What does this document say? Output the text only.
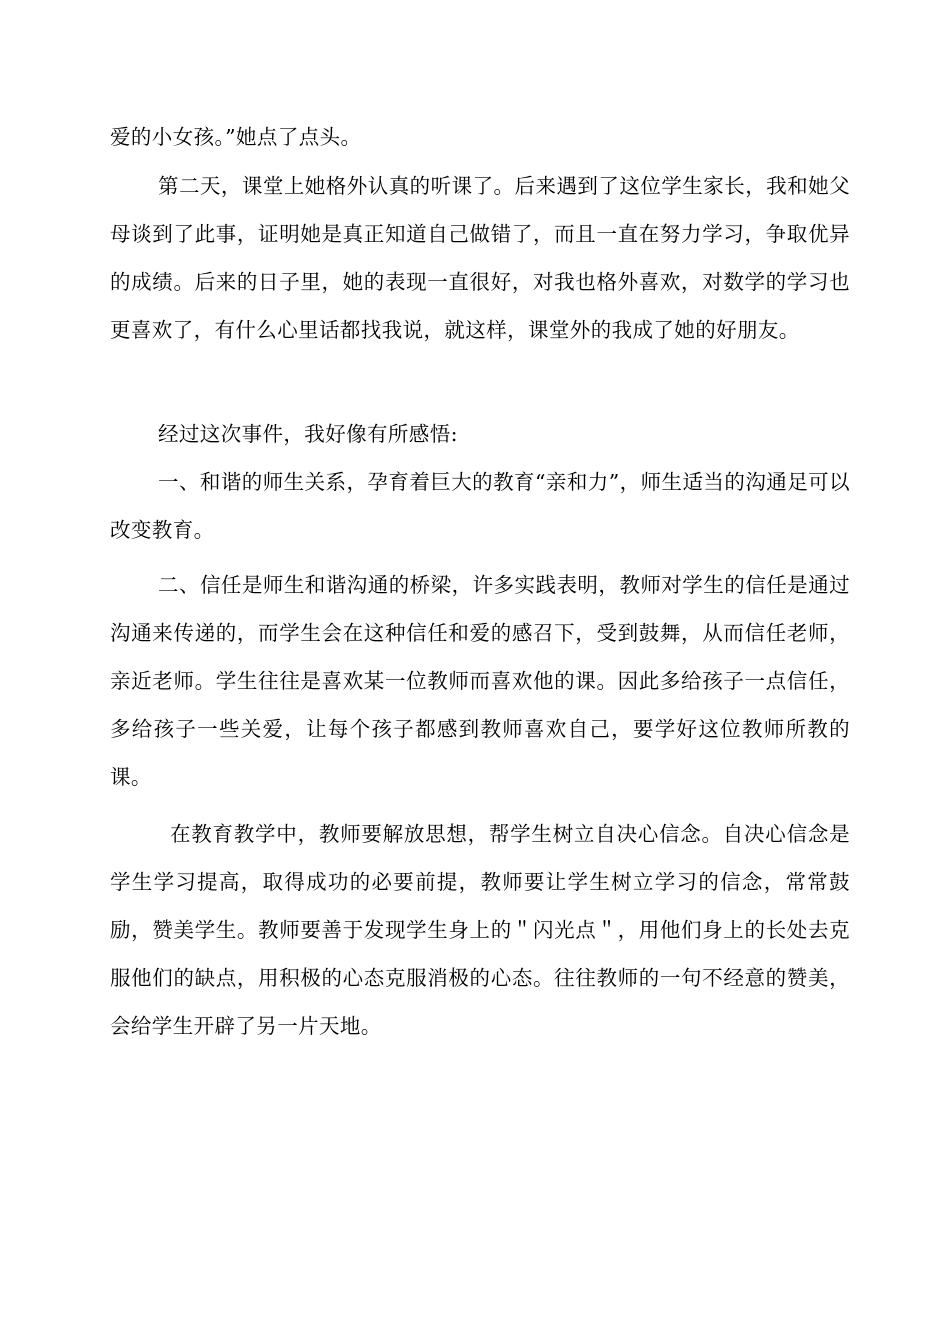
爱的小女孩。”她点了点头。

第二天，课堂上她格外认真的听课了。后来遇到了这位学生家长，我和她父母谈到了此事，证明她是真正知道自己做错了，而且一直在努力学习，争取优异的成绩。后来的日子里，她的表现一直很好，对我也格外喜欢，对数学的学习也更喜欢了，有什么心里话都找我说，就这样，课堂外的我成了她的好朋友。

经过这次事件，我好像有所感悟:

一、和谐的师生关系，孕育着巨大的教育“亲和力”，师生适当的沟通足可以改变教育。

二、信任是师生和谐沟通的桥梁，许多实践表明，教师对学生的信任是通过沟通来传递的，而学生会在这种信任和爱的感召下，受到鼓舞，从而信任老师，亲近老师。学生往往是喜欢某一位教师而喜欢他的课。因此多给孩子一点信任，多给孩子一些关爱，让每个孩子都感到教师喜欢自己，要学好这位教师所教的课。

在教育教学中，教师要解放思想，帮学生树立自决心信念。自决心信念是学生学习提高，取得成功的必要前提，教师要让学生树立学习的信念，常常鼓励，赞美学生。教师要善于发现学生身上的＂闪光点＂，用他们身上的长处去克服他们的缺点，用积极的心态克服消极的心态。往往教师的一句不经意的赞美，会给学生开辟了另一片天地。
